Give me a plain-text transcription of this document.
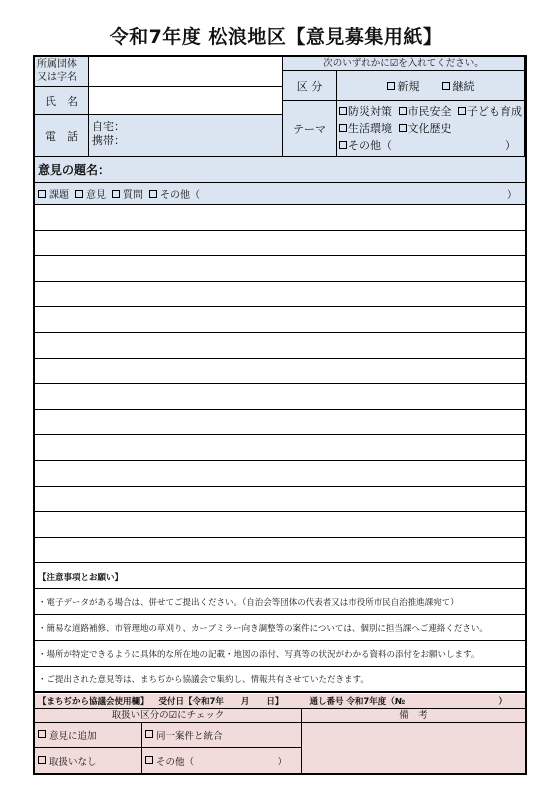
令和7年度 松浪地区【意見募集用紙】
所属団体
又は字名
氏　名
電　話
自宅：
携帯：
次のいずれかに☑を入れてください。
区 分	新規	継続
テーマ
防災対策 市民安全 子ども育成
生活環境 文化歴史
その他（	）
意見の題名：
課題	意見	質問	その他（	）
【注意事項とお願い】
・電子データがある場合は、併せてご提出ください。（自治会等団体の代表者又は市役所市民自治推進課宛て）
・簡易な道路補修、市管理地の草刈り、カーブミラー向き調整等の案件については、個別に担当課へご連絡ください。
・場所が特定できるように具体的な所在地の記載・地図の添付、写真等の状況がわかる資料の添付をお願いします。
・ご提出された意見等は、まちぢから協議会で集約し、情報共有させていただきます。
【まちぢから協議会使用欄】 受付日【令和7年　　月　　日】	通し番号 令和7年度（№	）
取扱い区分の☑にチェック	備　考
意見に追加	同一案件と統合
取扱いなし	その他（	）
